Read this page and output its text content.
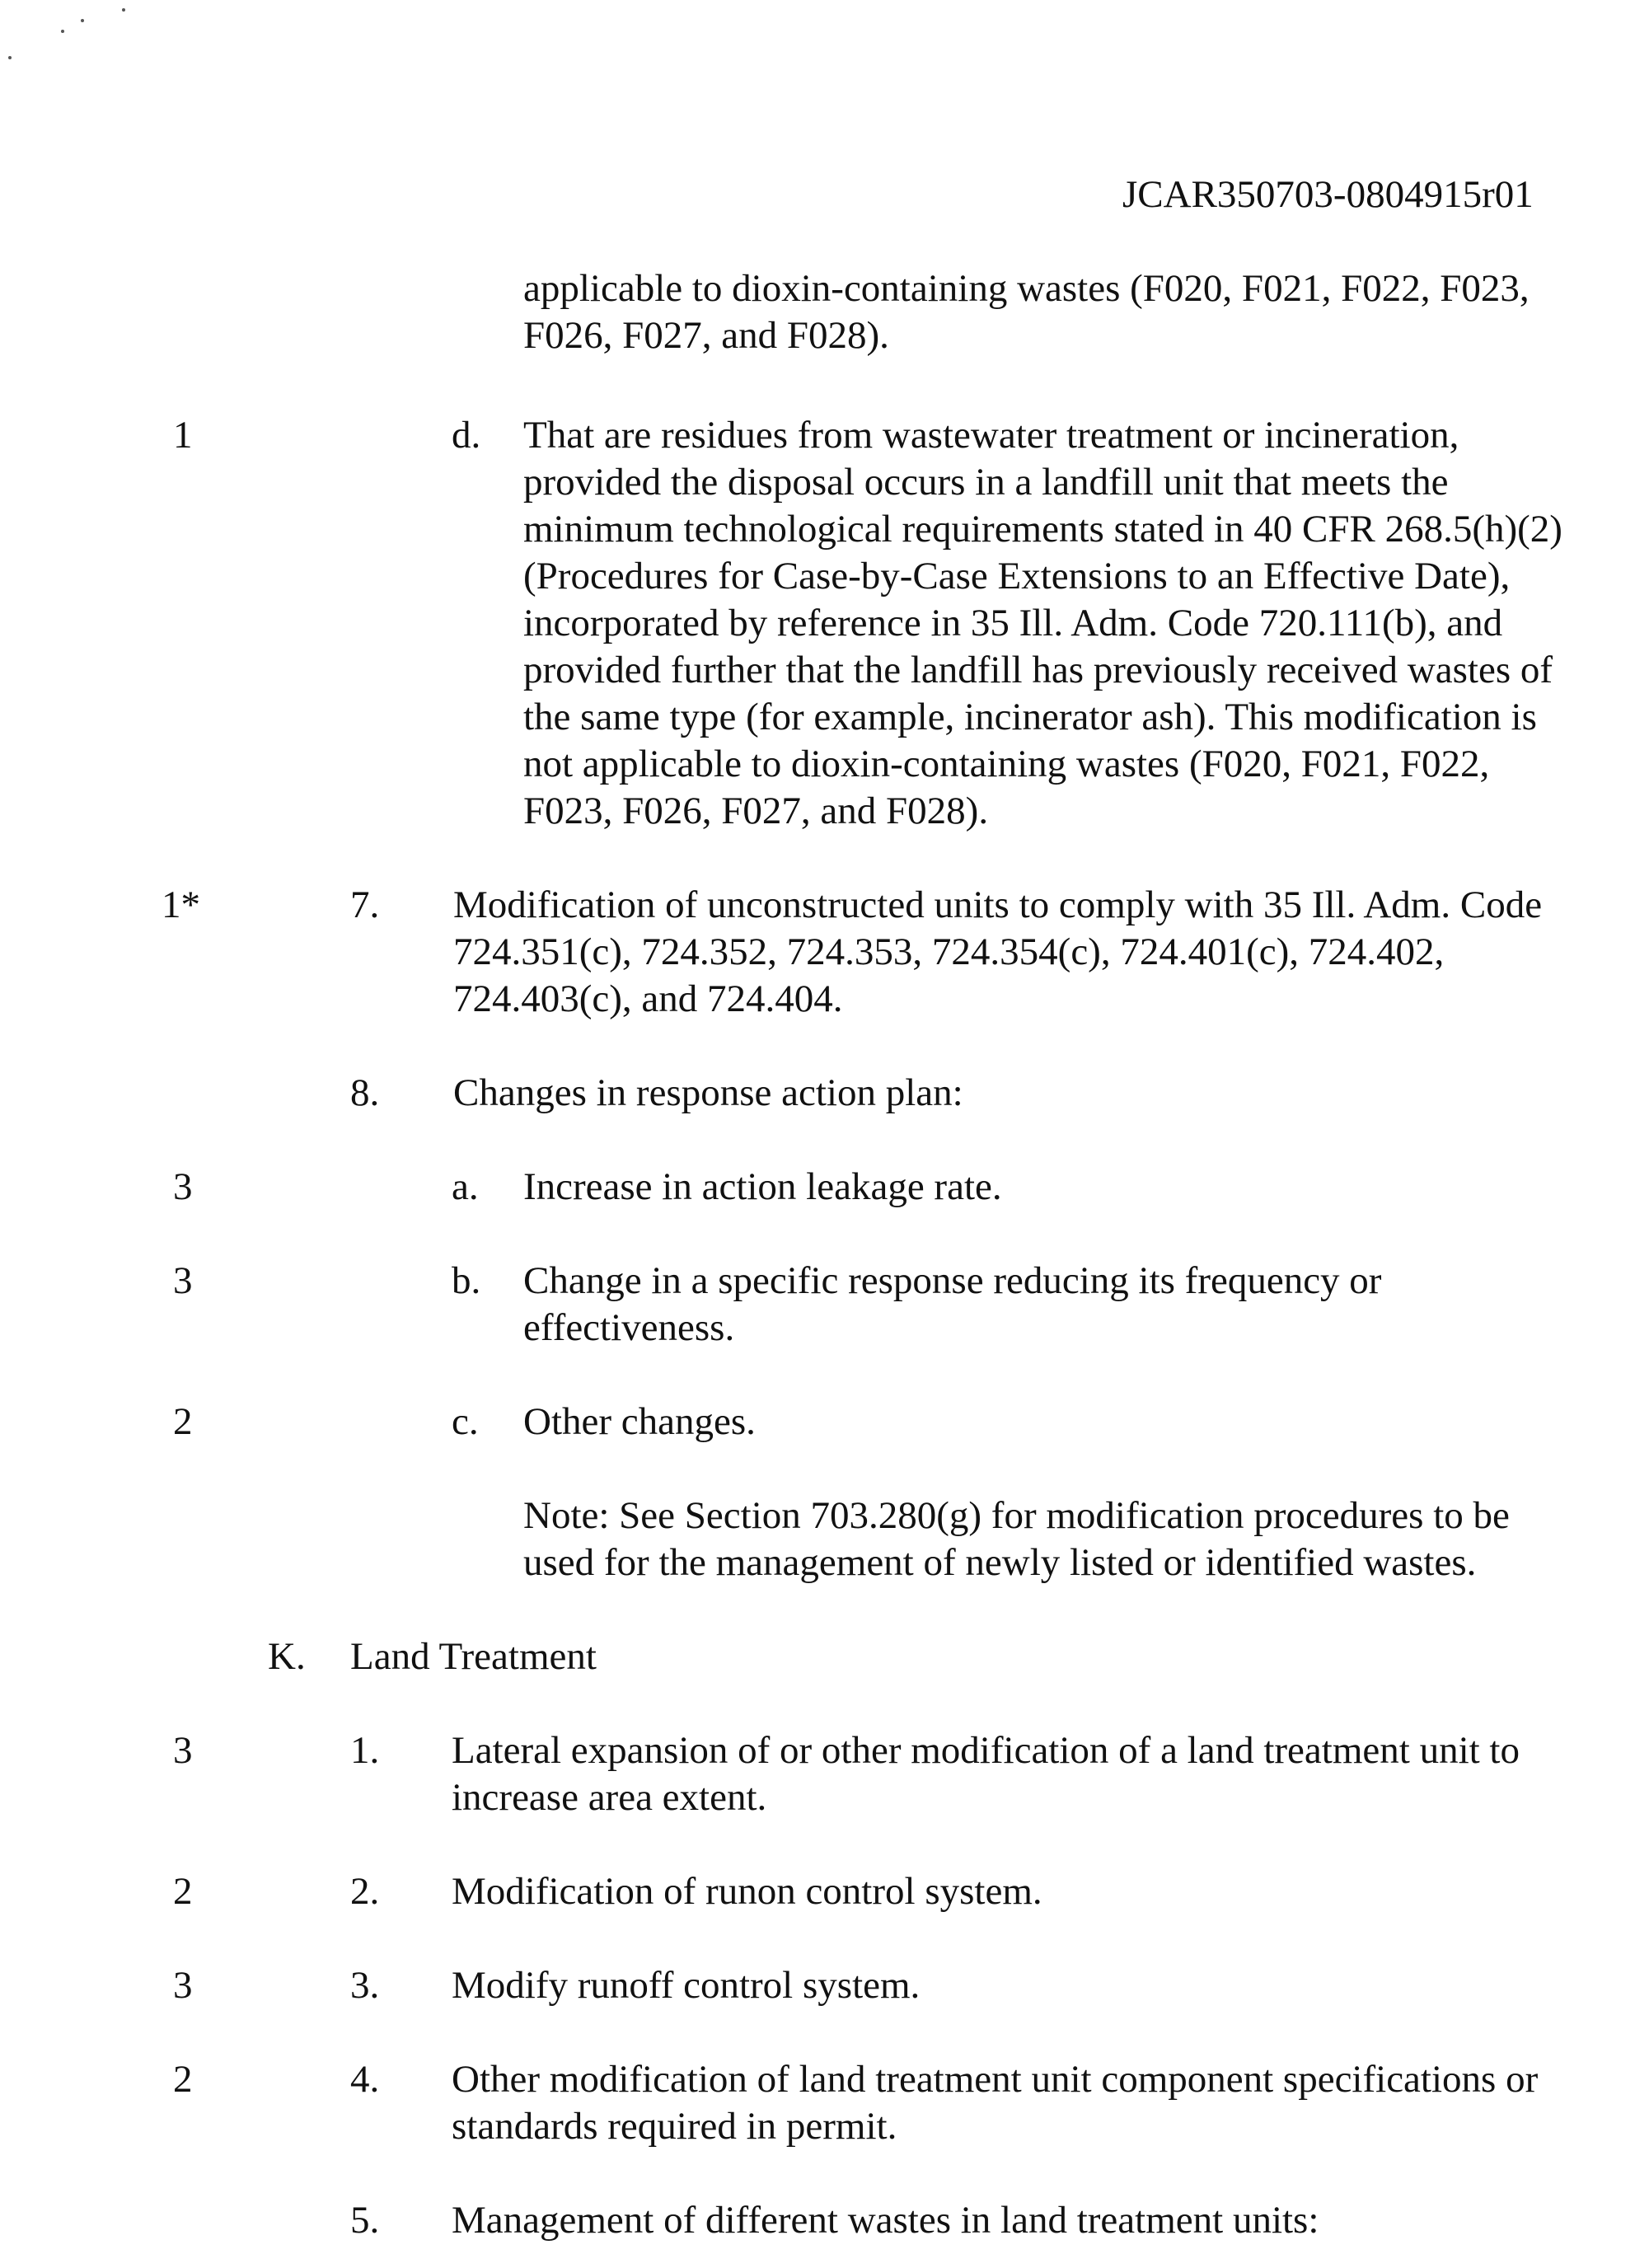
JCAR350703-0804915r01
applicable to dioxin-containing wastes (F020, F021, F022, F023,
F026, F027, and F028).
1	d. That are residues from wastewater treatment or incineration,
provided the disposal occurs in a landfill unit that meets the
minimum technological requirements stated in 40 CFR 268.5(h)(2)
(Procedures for Case-by-Case Extensions to an Effective Date),
incorporated by reference in 35 Ill. Adm. Code 720.111(b), and
provided further that the landfill has previously received wastes of
the same type (for example, incinerator ash). This modification is
not applicable to dioxin-containing wastes (F020, F021, F022,
F023, F026, F027, and F028).
1*	7. Modification of unconstructed units to comply with 35 Ill. Adm. Code
724.351(c), 724.352, 724.353, 724.354(c), 724.401(c), 724.402,
724.403(c), and 724.404.
8. Changes in response action plan:
3	a. Increase in action leakage rate.
3	b. Change in a specific response reducing its frequency or
effectiveness.
2	c. Other changes.
Note: See Section 703.280(g) for modification procedures to be
used for the management of newly listed or identified wastes.
K. Land Treatment
3	1. Lateral expansion of or other modification of a land treatment unit to
increase area extent.
2	2. Modification of runon control system.
3	3. Modify runoff control system.
2	4. Other modification of land treatment unit component specifications or
standards required in permit.
5. Management of different wastes in land treatment units:
